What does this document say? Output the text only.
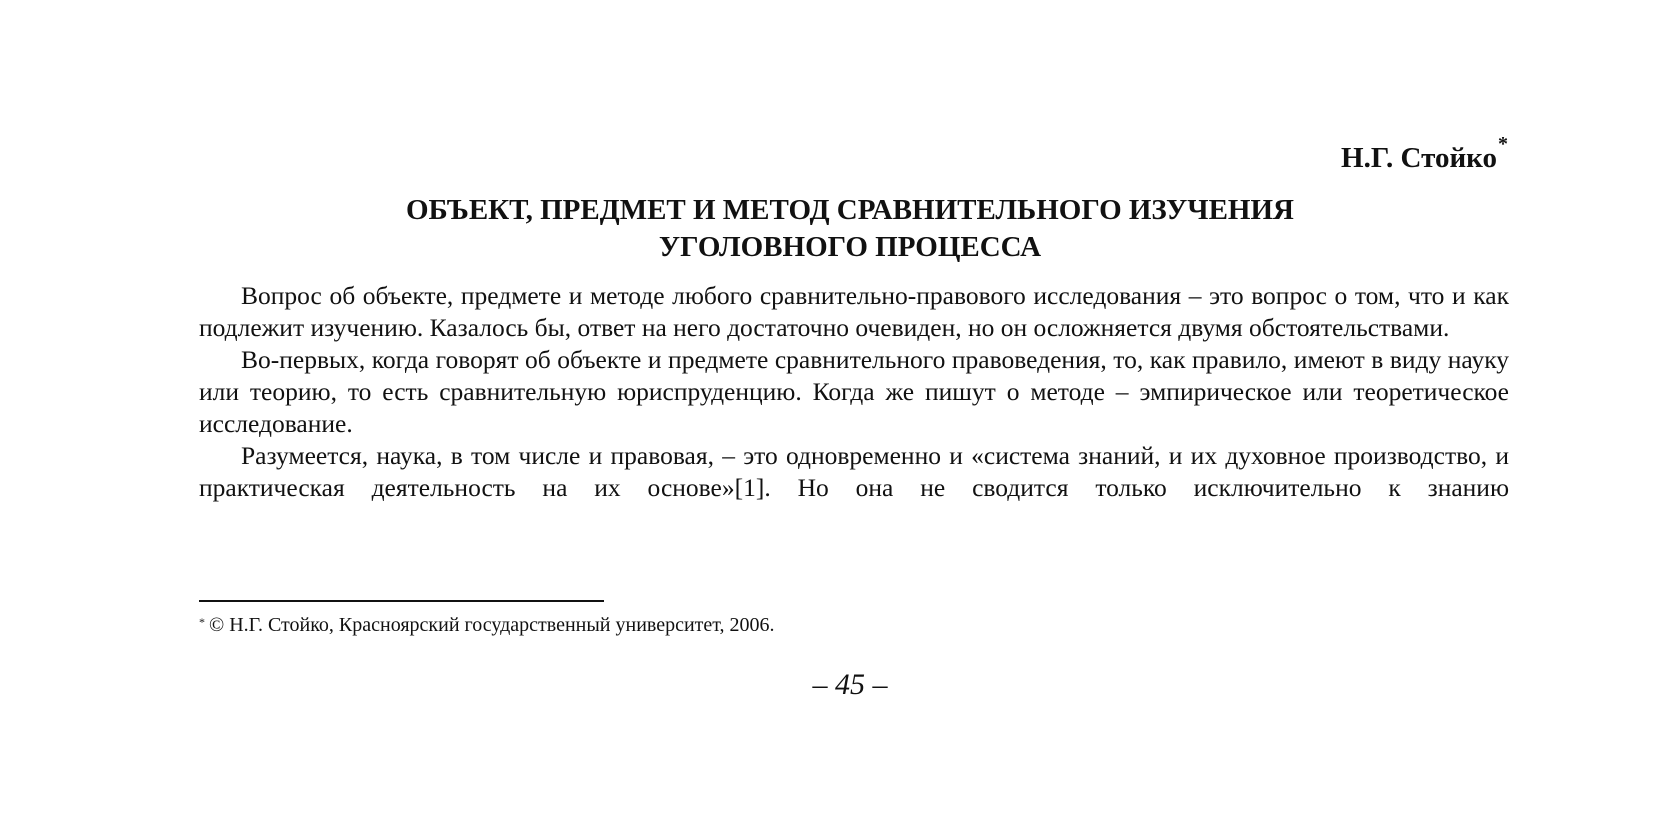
Н.Г. Стойко*
ОБЪЕКТ, ПРЕДМЕТ И МЕТОД СРАВНИТЕЛЬНОГО ИЗУЧЕНИЯ
УГОЛОВНОГО ПРОЦЕССА

Вопрос об объекте, предмете и методе любого сравнительно-правового исследования – это вопрос о том, что и как подлежит изучению. Казалось бы, ответ на него достаточно очевиден, но он осложняется двумя обстоятельствами.

Во-первых, когда говорят об объекте и предмете сравнительного правоведения, то, как правило, имеют в виду науку или теорию, то есть сравнительную юриспруденцию. Когда же пишут о методе – эмпирическое или теоретическое исследование.

Разумеется, наука, в том числе и правовая, – это одновременно и «система знаний, и их духовное производство, и практическая деятельность на их основе»[1]. Но она не сводится только исключительно к знанию

* © Н.Г. Стойко, Красноярский государственный университет, 2006.
– 45 –
